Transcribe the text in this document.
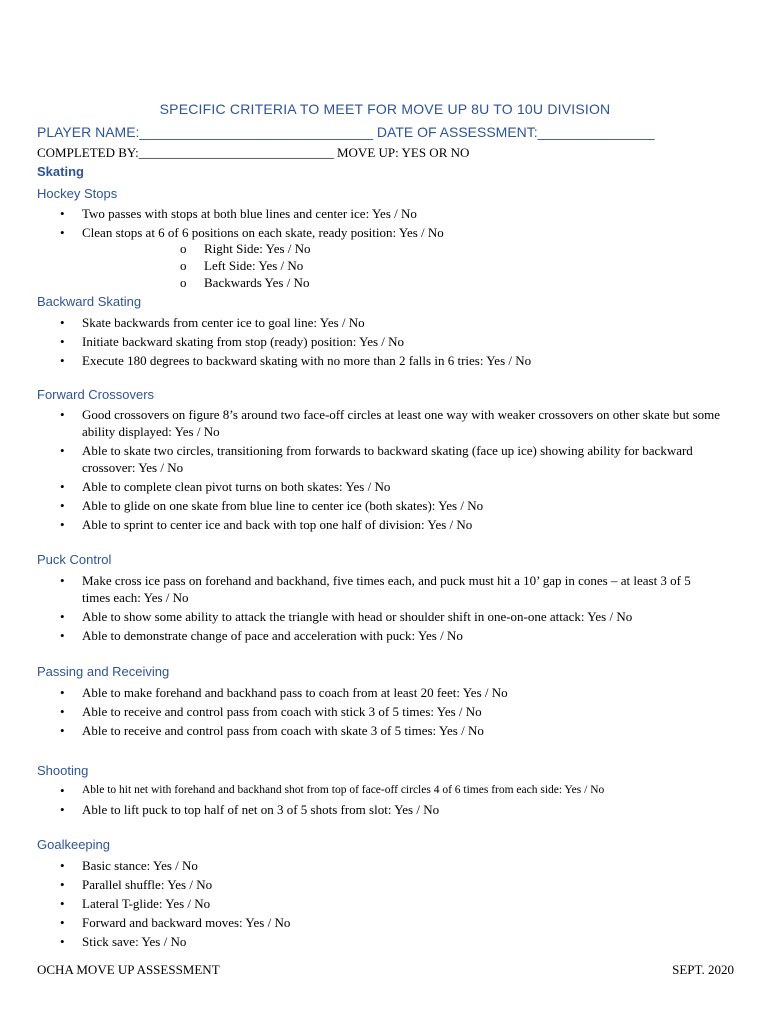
SPECIFIC CRITERIA TO MEET FOR MOVE UP 8U TO 10U DIVISION
PLAYER NAME:______________________________ DATE OF ASSESSMENT:_______________
COMPLETED BY:______________________________ MOVE UP: YES OR NO
Skating
Hockey Stops
• Two passes with stops at both blue lines and center ice: Yes / No
• Clean stops at 6 of 6 positions on each skate, ready position: Yes / No
o Right Side: Yes / No
o Left Side: Yes / No
o Backwards Yes / No
Backward Skating
• Skate backwards from center ice to goal line: Yes / No
• Initiate backward skating from stop (ready) position: Yes / No
• Execute 180 degrees to backward skating with no more than 2 falls in 6 tries: Yes / No
Forward Crossovers
• Good crossovers on figure 8’s around two face-off circles at least one way with weaker crossovers on other skate but some ability displayed: Yes / No
• Able to skate two circles, transitioning from forwards to backward skating (face up ice) showing ability for backward crossover: Yes / No
• Able to complete clean pivot turns on both skates: Yes / No
• Able to glide on one skate from blue line to center ice (both skates): Yes / No
• Able to sprint to center ice and back with top one half of division: Yes / No
Puck Control
• Make cross ice pass on forehand and backhand, five times each, and puck must hit a 10’ gap in cones – at least 3 of 5 times each: Yes / No
• Able to show some ability to attack the triangle with head or shoulder shift in one-on-one attack: Yes / No
• Able to demonstrate change of pace and acceleration with puck: Yes / No
Passing and Receiving
• Able to make forehand and backhand pass to coach from at least 20 feet: Yes / No
• Able to receive and control pass from coach with stick 3 of 5 times: Yes / No
• Able to receive and control pass from coach with skate 3 of 5 times: Yes / No
Shooting
• Able to hit net with forehand and backhand shot from top of face-off circles 4 of 6 times from each side: Yes / No
• Able to lift puck to top half of net on 3 of 5 shots from slot: Yes / No
Goalkeeping
• Basic stance: Yes / No
• Parallel shuffle: Yes / No
• Lateral T-glide: Yes / No
• Forward and backward moves: Yes / No
• Stick save: Yes / No
OCHA MOVE UP ASSESSMENT	SEPT. 2020
